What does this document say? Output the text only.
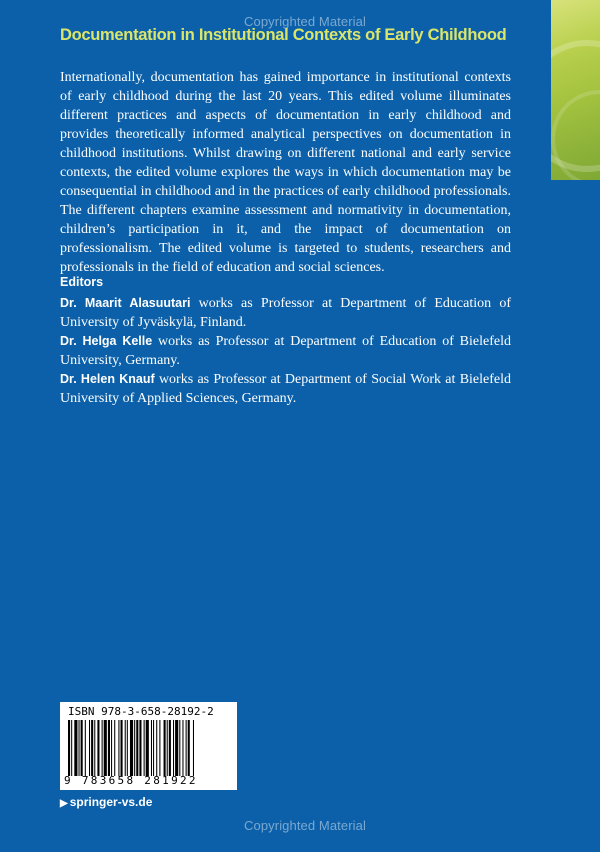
Copyrighted Material
Documentation in Institutional Contexts of Early Childhood

Internationally, documentation has gained importance in institutional contexts of early childhood during the last 20 years. This edited volume illuminates different practices and aspects of documentation in early childhood and provides theoretically informed analytical perspectives on documentation in childhood institutions. Whilst drawing on different national and early service contexts, the edited volume explores the ways in which documentation may be consequential in childhood and in the practices of early childhood professionals. The different chapters examine assessment and normativity in documentation, children’s participation in it, and the impact of documentation on professionalism. The edited volume is targeted to students, researchers and professionals in the field of education and social sciences.

Editors

Dr. Maarit Alasuutari works as Professor at Department of Education of University of Jyväskylä, Finland.

Dr. Helga Kelle works as Professor at Department of Education of Bielefeld University, Germany.

Dr. Helen Knauf works as Professor at Department of Social Work at Bielefeld University of Applied Sciences, Germany.

ISBN 978-3-658-28192-2
9 783658 281922
▶ springer-vs.de
Copyrighted Material
